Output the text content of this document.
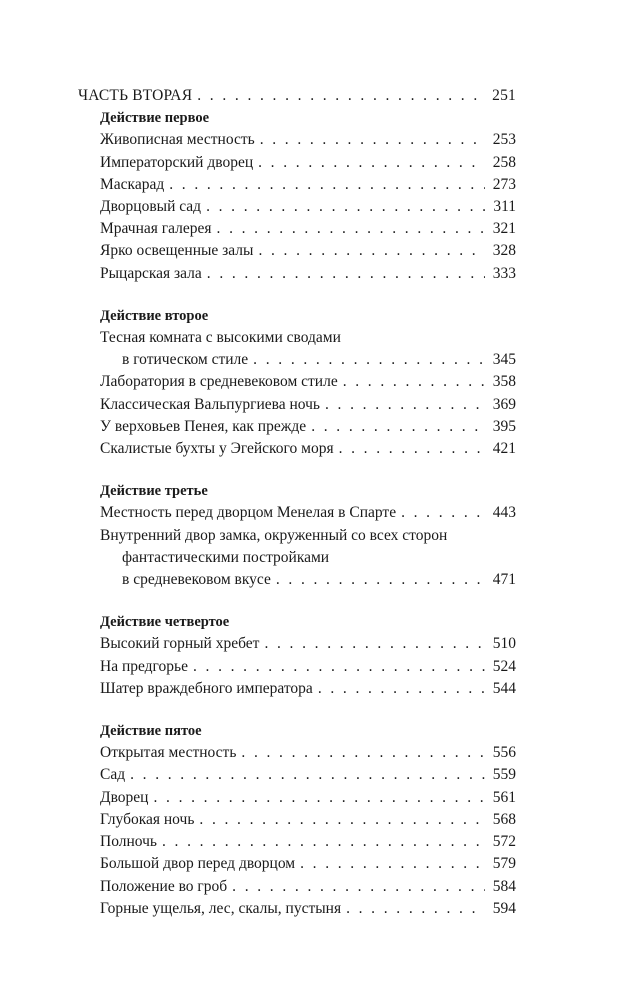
ЧАСТЬ ВТОРАЯ . . .	251
Действие первое
Живописная местность . . .	253
Императорский дворец . . .	258
Маскарад . . .	273
Дворцовый сад . . .	311
Мрачная галерея . . .	321
Ярко освещенные залы . . .	328
Рыцарская зала . . .	333
Действие второе
Тесная комната с высокими сводами
в готическом стиле . . .	345
Лаборатория в средневековом стиле . . .	358
Классическая Вальпургиева ночь . . .	369
У верховьев Пенея, как прежде . . .	395
Скалистые бухты у Эгейского моря . . .	421
Действие третье
Местность перед дворцом Менелая в Спарте . . .	443
Внутренний двор замка, окруженный со всех сторон
фантастическими постройками
в средневековом вкусе . . .	471
Действие четвертое
Высокий горный хребет . . .	510
На предгорье . . .	524
Шатер враждебного императора . . .	544
Действие пятое
Открытая местность . . .	556
Сад . . .	559
Дворец . . .	561
Глубокая ночь . . .	568
Полночь . . .	572
Большой двор перед дворцом . . .	579
Положение во гроб . . .	584
Горные ущелья, лес, скалы, пустыня . . .	594
